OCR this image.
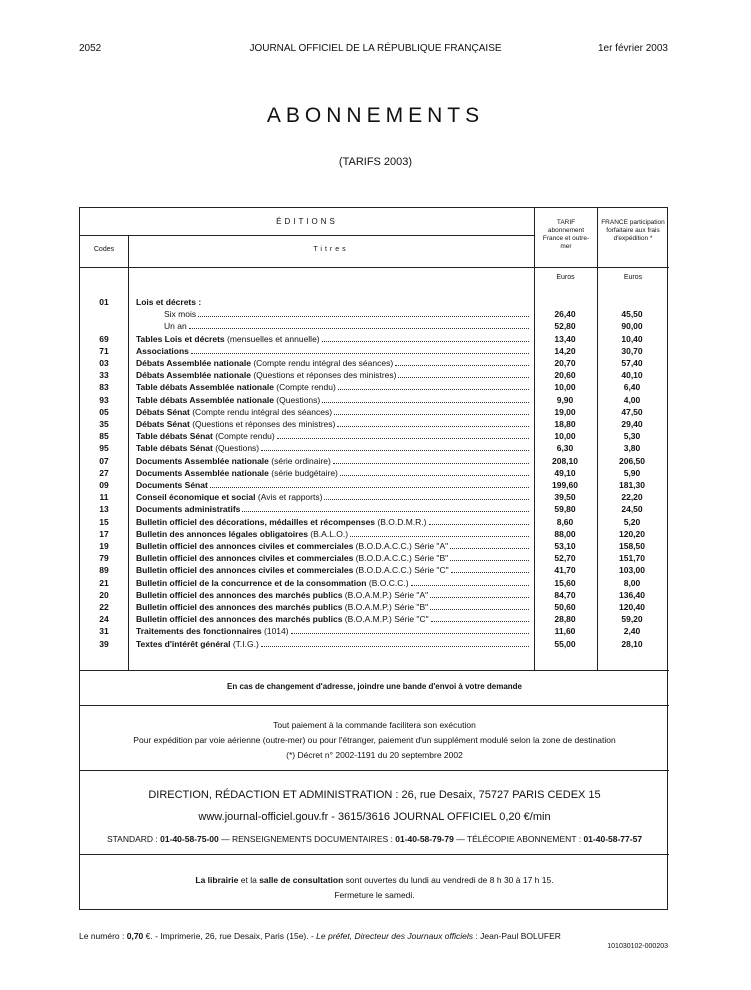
2052	JOURNAL OFFICIEL DE LA RÉPUBLIQUE FRANÇAISE	1er février 2003
ABONNEMENTS
(TARIFS 2003)
ÉDITIONS
Codes	Titres
TARIF abonnement France et outre-mer
FRANCE participation forfaitaire aux frais d'expédition *
Euros	Euros
01	Lois et décrets :
Six mois	26,40	45,50
Un an	52,80	90,00
69	Tables Lois et décrets (mensuelles et annuelle)	13,40	10,40
71	Associations	14,20	30,70
03	Débats Assemblée nationale (Compte rendu intégral des séances)	20,70	57,40
33	Débats Assemblée nationale (Questions et réponses des ministres)	20,60	40,10
83	Table débats Assemblée nationale (Compte rendu)	10,00	6,40
93	Table débats Assemblée nationale (Questions)	9,90	4,00
05	Débats Sénat (Compte rendu intégral des séances)	19,00	47,50
35	Débats Sénat (Questions et réponses des ministres)	18,80	29,40
85	Table débats Sénat (Compte rendu)	10,00	5,30
95	Table débats Sénat (Questions)	6,30	3,80
07	Documents Assemblée nationale (série ordinaire)	208,10	206,50
27	Documents Assemblée nationale (série budgétaire)	49,10	5,90
09	Documents Sénat	199,60	181,30
11	Conseil économique et social (Avis et rapports)	39,50	22,20
13	Documents administratifs	59,80	24,50
15	Bulletin officiel des décorations, médailles et récompenses (B.O.D.M.R.)	8,60	5,20
17	Bulletin des annonces légales obligatoires (B.A.L.O.)	88,00	120,20
19	Bulletin officiel des annonces civiles et commerciales (B.O.D.A.C.C.) Série "A"	53,10	158,50
79	Bulletin officiel des annonces civiles et commerciales (B.O.D.A.C.C.) Série "B"	52,70	151,70
89	Bulletin officiel des annonces civiles et commerciales (B.O.D.A.C.C.) Série "C"	41,70	103,00
21	Bulletin officiel de la concurrence et de la consommation (B.O.C.C.)	15,60	8,00
20	Bulletin officiel des annonces des marchés publics (B.O.A.M.P.) Série "A"	84,70	136,40
22	Bulletin officiel des annonces des marchés publics (B.O.A.M.P.) Série "B"	50,60	120,40
24	Bulletin officiel des annonces des marchés publics (B.O.A.M.P.) Série "C"	28,80	59,20
31	Traitements des fonctionnaires (1014)	11,60	2,40
39	Textes d'intérêt général (T.I.G.)	55,00	28,10
En cas de changement d'adresse, joindre une bande d'envoi à votre demande
Tout paiement à la commande facilitera son exécution
Pour expédition par voie aérienne (outre-mer) ou pour l'étranger, paiement d'un supplément modulé selon la zone de destination
(*) Décret n° 2002-1191 du 20 septembre 2002
DIRECTION, RÉDACTION ET ADMINISTRATION : 26, rue Desaix, 75727 PARIS CEDEX 15
www.journal-officiel.gouv.fr - 3615/3616 JOURNAL OFFICIEL 0,20 €/min
STANDARD : 01-40-58-75-00 — RENSEIGNEMENTS DOCUMENTAIRES : 01-40-58-79-79 — TÉLÉCOPIE ABONNEMENT : 01-40-58-77-57
La librairie et la salle de consultation sont ouvertes du lundi au vendredi de 8 h 30 à 17 h 15.
Fermeture le samedi.
Le numéro : 0,70 €. - Imprimerie, 26, rue Desaix, Paris (15e). - Le préfet, Directeur des Journaux officiels : Jean-Paul BOLUFER
101030102-000203
